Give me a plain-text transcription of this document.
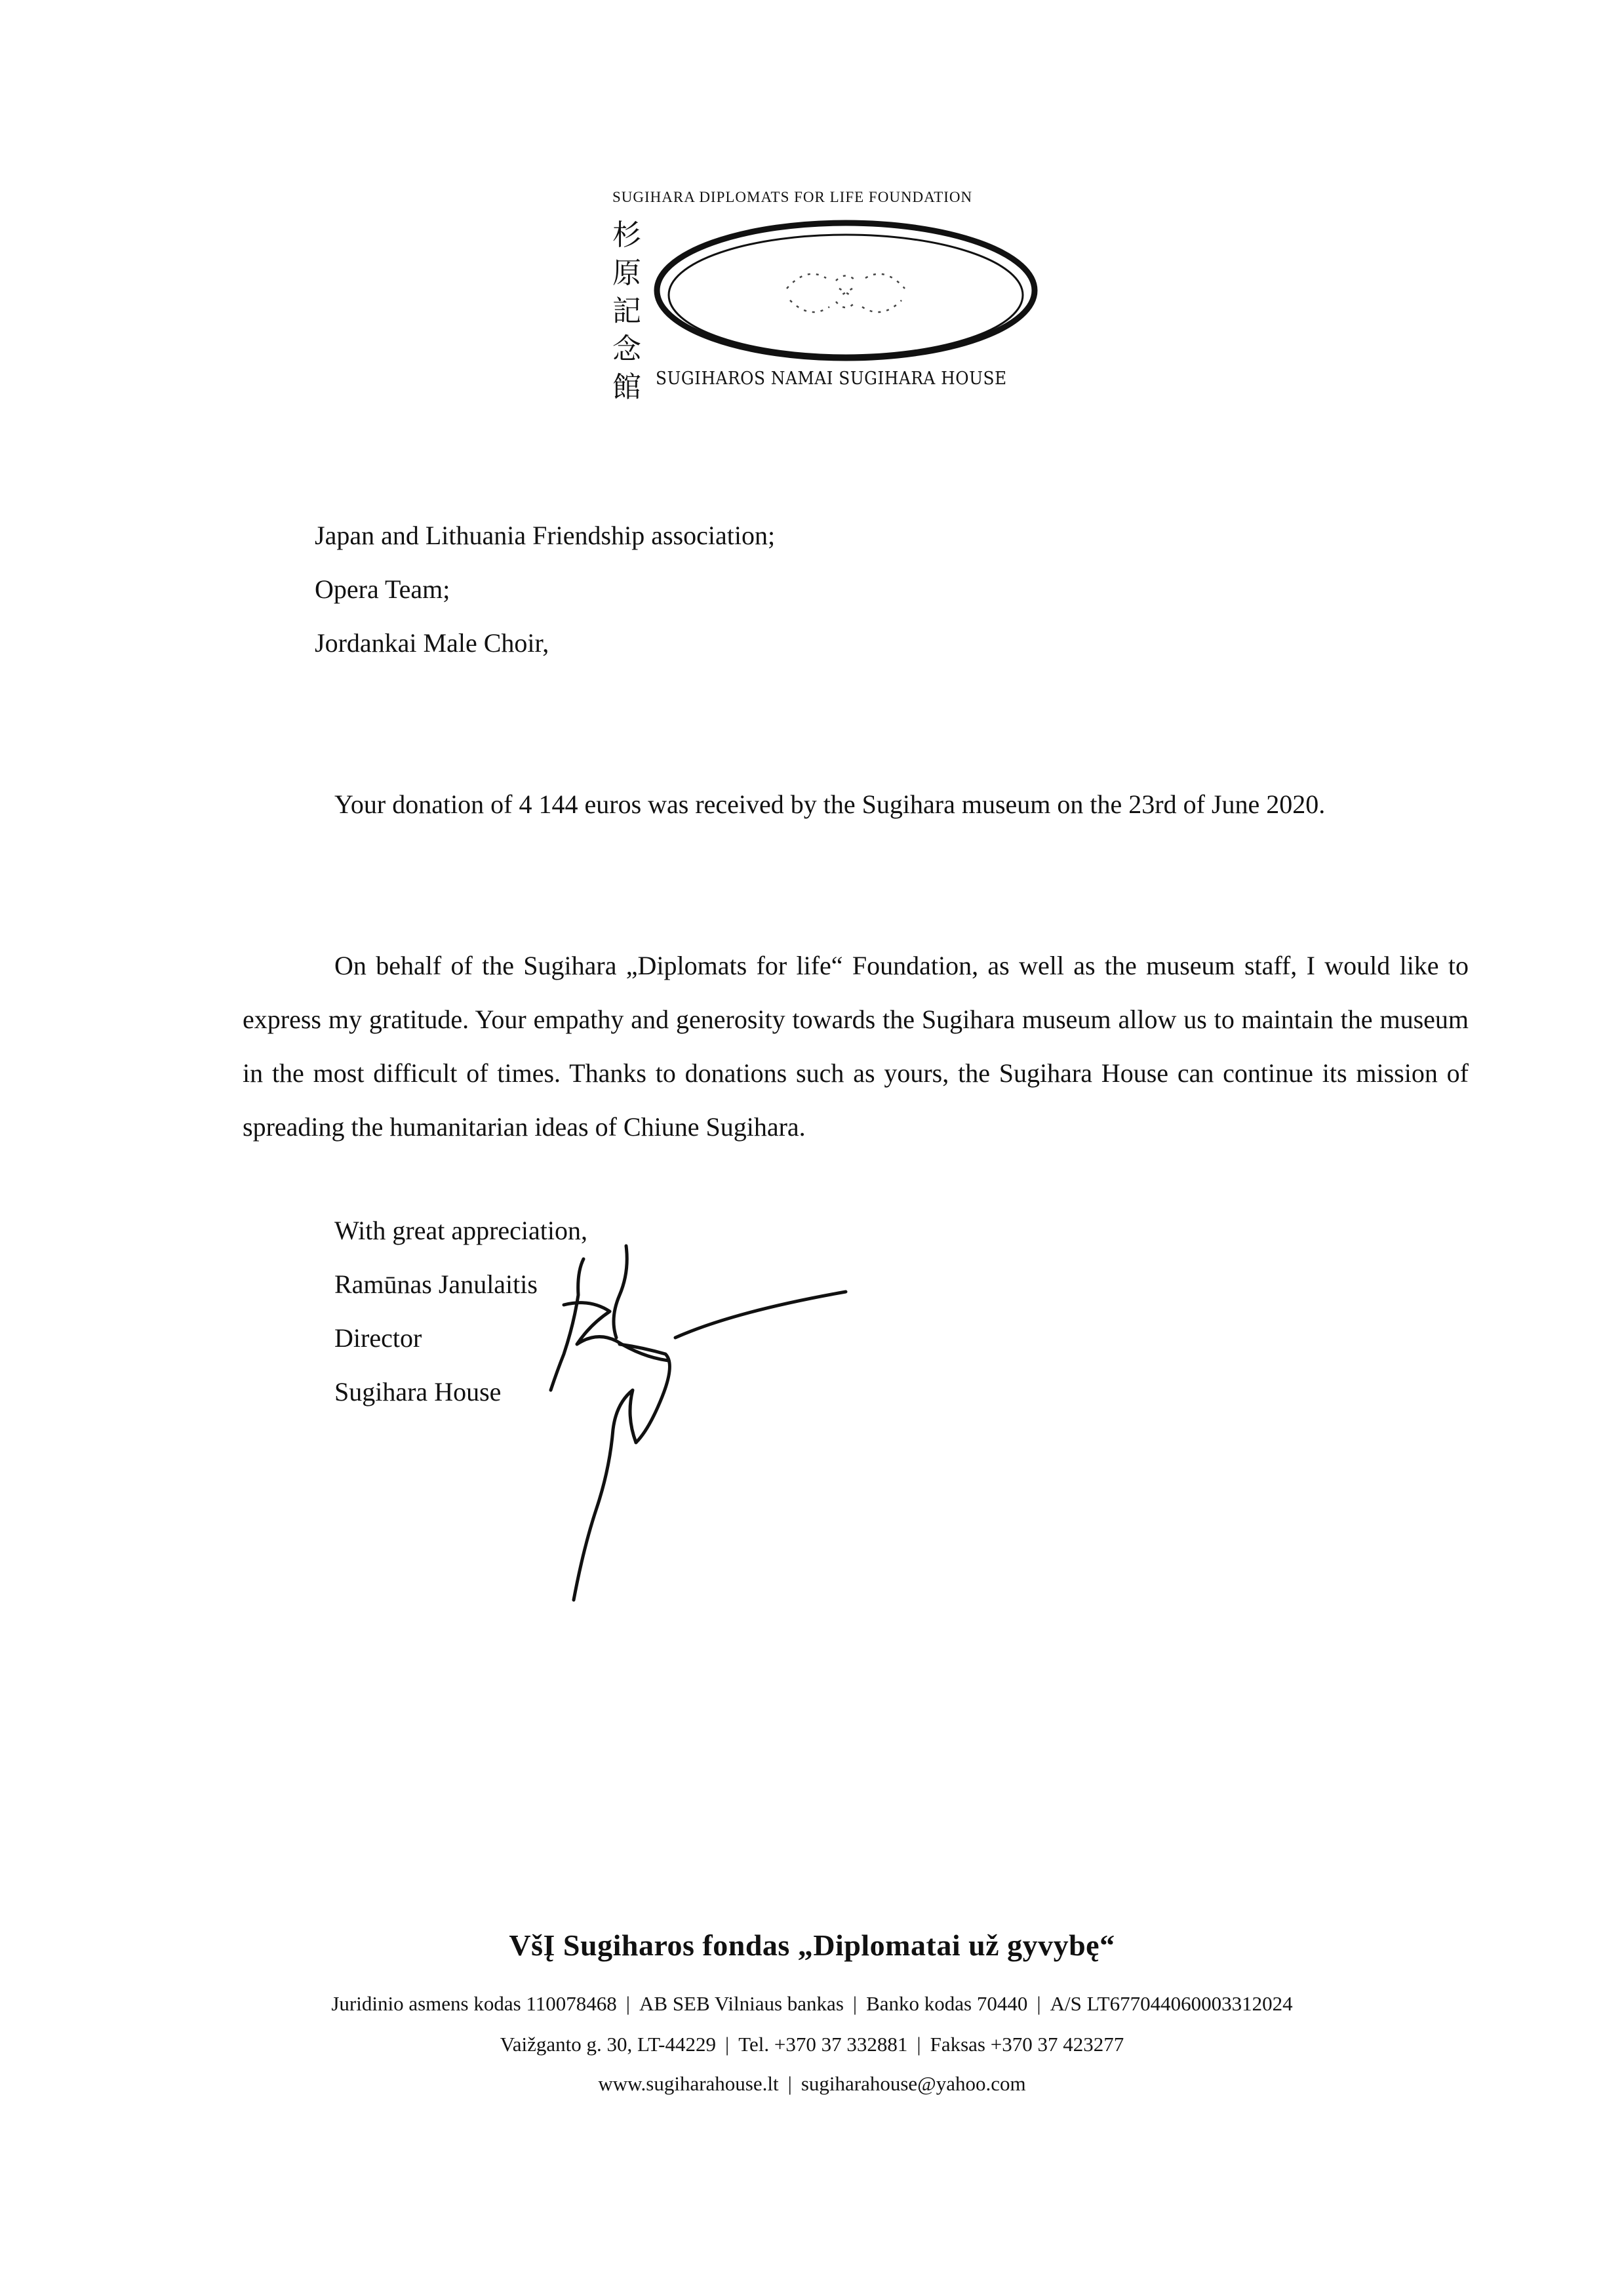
SUGIHARA DIPLOMATS FOR LIFE FOUNDATION
杉
原
記
念
館 SUGIHAROS NAMAI SUGIHARA HOUSE
Japan and Lithuania Friendship association;
Opera Team;
Jordankai Male Choir,
Your donation of 4 144 euros was received by the Sugihara museum on the 23rd of June 2020.
On behalf of the Sugihara „Diplomats for life“ Foundation, as well as the museum staff, I would like to express my gratitude. Your empathy and generosity towards the Sugihara museum allow us to maintain the museum in the most difficult of times. Thanks to donations such as yours, the Sugihara House can continue its mission of spreading the humanitarian ideas of Chiune Sugihara.
With great appreciation,
Ramūnas Janulaitis
Director
Sugihara House
VšĮ Sugiharos fondas „Diplomatai už gyvybę“
Juridinio asmens kodas 110078468 | AB SEB Vilniaus bankas | Banko kodas 70440 | A/S LT677044060003312024
Vaižganto g. 30, LT-44229 | Tel. +370 37 332881 | Faksas +370 37 423277
www.sugiharahouse.lt | sugiharahouse@yahoo.com
